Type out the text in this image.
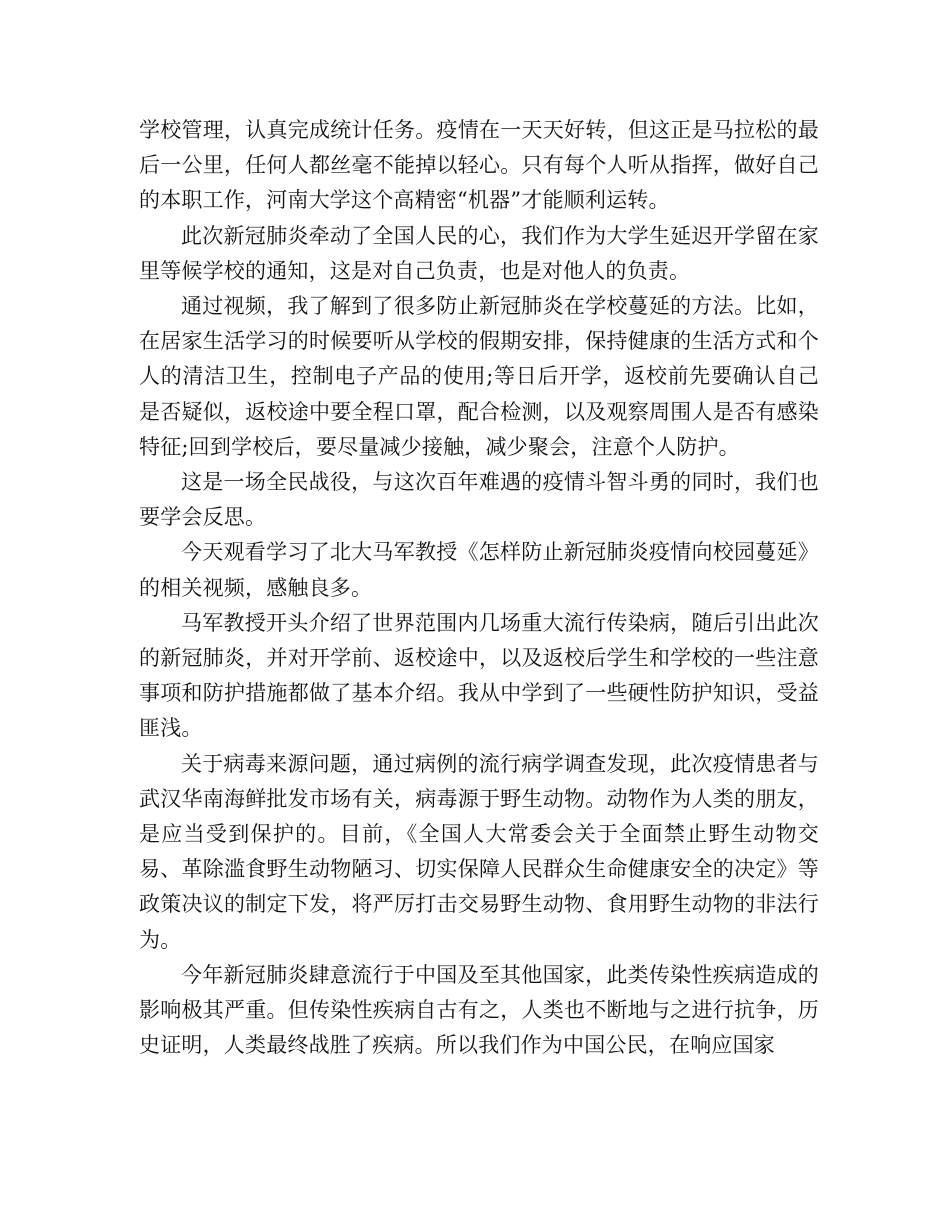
学校管理，认真完成统计任务。疫情在一天天好转，但这正是马拉松的最后一公里，任何人都丝毫不能掉以轻心。只有每个人听从指挥，做好自己的本职工作，河南大学这个高精密“机器”才能顺利运转。

此次新冠肺炎牵动了全国人民的心，我们作为大学生延迟开学留在家里等候学校的通知，这是对自己负责，也是对他人的负责。

通过视频，我了解到了很多防止新冠肺炎在学校蔓延的方法。比如，在居家生活学习的时候要听从学校的假期安排，保持健康的生活方式和个人的清洁卫生，控制电子产品的使用;等日后开学，返校前先要确认自己是否疑似，返校途中要全程口罩，配合检测，以及观察周围人是否有感染特征;回到学校后，要尽量减少接触，减少聚会，注意个人防护。

这是一场全民战役，与这次百年难遇的疫情斗智斗勇的同时，我们也要学会反思。

今天观看学习了北大马军教授《怎样防止新冠肺炎疫情向校园蔓延》的相关视频，感触良多。

马军教授开头介绍了世界范围内几场重大流行传染病，随后引出此次的新冠肺炎，并对开学前、返校途中，以及返校后学生和学校的一些注意事项和防护措施都做了基本介绍。我从中学到了一些硬性防护知识，受益匪浅。

关于病毒来源问题，通过病例的流行病学调查发现，此次疫情患者与武汉华南海鲜批发市场有关，病毒源于野生动物。动物作为人类的朋友，是应当受到保护的。目前，《全国人大常委会关于全面禁止野生动物交易、革除滥食野生动物陋习、切实保障人民群众生命健康安全的决定》等政策决议的制定下发，将严厉打击交易野生动物、食用野生动物的非法行为。

今年新冠肺炎肆意流行于中国及至其他国家，此类传染性疾病造成的影响极其严重。但传染性疾病自古有之，人类也不断地与之进行抗争，历史证明，人类最终战胜了疾病。所以我们作为中国公民，在响应国家
